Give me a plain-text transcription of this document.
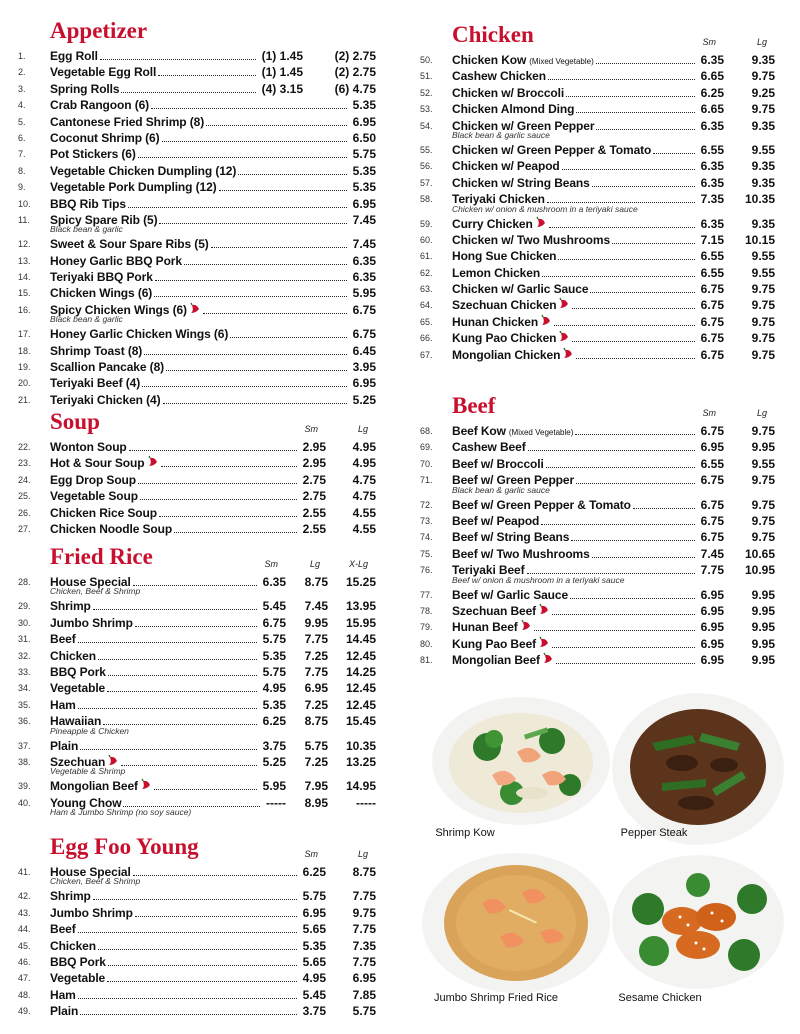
Appetizer
1.	Egg Roll	(1) 1.45	(2) 2.75
2.	Vegetable Egg Roll	(1) 1.45	(2) 2.75
3.	Spring Rolls	(4) 3.15	(6) 4.75
4.	Crab Rangoon (6)	5.35
5.	Cantonese Fried Shrimp (8)	6.95
6.	Coconut Shrimp (6)	6.50
7.	Pot Stickers (6)	5.75
8.	Vegetable Chicken Dumpling (12)	5.35
9.	Vegetable Pork Dumpling (12)	5.35
10.	BBQ Rib Tips	6.95
11.	Spicy Spare Rib (5)	7.45
Black bean & garlic
12.	Sweet & Sour Spare Ribs (5)	7.45
13.	Honey Garlic BBQ Pork	6.35
14.	Teriyaki BBQ Pork	6.35
15.	Chicken Wings (6)	5.95
16.	Spicy Chicken Wings (6)	6.75
Black bean & garlic
17.	Honey Garlic Chicken Wings (6)	6.75
18.	Shrimp Toast (8)	6.45
19.	Scallion Pancake (8)	3.95
20.	Teriyaki Beef (4)	6.95
21.	Teriyaki Chicken (4)	5.25
Soup	Sm	Lg
22.	Wonton Soup	2.95	4.95
23.	Hot & Sour Soup	2.95	4.95
24.	Egg Drop Soup	2.75	4.75
25.	Vegetable Soup	2.75	4.75
26.	Chicken Rice Soup	2.55	4.55
27.	Chicken Noodle Soup	2.55	4.55
Fried Rice	Sm	Lg	X-Lg
28.	House Special	6.35	8.75	15.25
Chicken, Beef & Shrimp
29.	Shrimp	5.45	7.45	13.95
30.	Jumbo Shrimp	6.75	9.95	15.95
31.	Beef	5.75	7.75	14.45
32.	Chicken	5.35	7.25	12.45
33.	BBQ Pork	5.75	7.75	14.25
34.	Vegetable	4.95	6.95	12.45
35.	Ham	5.35	7.25	12.45
36.	Hawaiian	6.25	8.75	15.45
Pineapple & Chicken
37.	Plain	3.75	5.75	10.35
38.	Szechuan	5.25	7.25	13.25
Vegetable & Shrimp
39.	Mongolian Beef	5.95	7.95	14.95
40.	Young Chow	-----	8.95	-----
Ham & Jumbo Shrimp (no soy sauce)
Egg Foo Young	Sm	Lg
41.	House Special	6.25	8.75
Chicken, Beef & Shrimp
42.	Shrimp	5.75	7.75
43.	Jumbo Shrimp	6.95	9.75
44.	Beef	5.65	7.75
45.	Chicken	5.35	7.35
46.	BBQ Pork	5.65	7.75
47.	Vegetable	4.95	6.95
48.	Ham	5.45	7.85
49.	Plain	3.75	5.75
Chicken	Sm	Lg
50.	Chicken Kow (Mixed Vegetable)	6.35	9.35
51.	Cashew Chicken	6.65	9.75
52.	Chicken w/ Broccoli	6.25	9.25
53.	Chicken Almond Ding	6.65	9.75
54.	Chicken w/ Green Pepper	6.35	9.35
Black bean & garlic sauce
55.	Chicken w/ Green Pepper & Tomato	6.55	9.55
56.	Chicken w/ Peapod	6.35	9.35
57.	Chicken w/ String Beans	6.35	9.35
58.	Teriyaki Chicken	7.35	10.35
Chicken w/ onion & mushroom in a teriyaki sauce
59.	Curry Chicken	6.35	9.35
60.	Chicken w/ Two Mushrooms	7.15	10.15
61.	Hong Sue Chicken	6.55	9.55
62.	Lemon Chicken	6.55	9.55
63.	Chicken w/ Garlic Sauce	6.75	9.75
64.	Szechuan Chicken	6.75	9.75
65.	Hunan Chicken	6.75	9.75
66.	Kung Pao Chicken	6.75	9.75
67.	Mongolian Chicken	6.75	9.75
Beef	Sm	Lg
68.	Beef Kow (Mixed Vegetable)	6.75	9.75
69.	Cashew Beef	6.95	9.95
70.	Beef w/ Broccoli	6.55	9.55
71.	Beef w/ Green Pepper	6.75	9.75
Black bean & garlic sauce
72.	Beef w/ Green Pepper & Tomato	6.75	9.75
73.	Beef w/ Peapod	6.75	9.75
74.	Beef w/ String Beans	6.75	9.75
75.	Beef w/ Two Mushrooms	7.45	10.65
76.	Teriyaki Beef	7.75	10.95
Beef w/ onion & mushroom in a teriyaki sauce
77.	Beef w/ Garlic Sauce	6.95	9.95
78.	Szechuan Beef	6.95	9.95
79.	Hunan Beef	6.95	9.95
80.	Kung Pao Beef	6.95	9.95
81.	Mongolian Beef	6.95	9.95
Shrimp Kow	Pepper Steak
Jumbo Shrimp Fried Rice	Sesame Chicken
